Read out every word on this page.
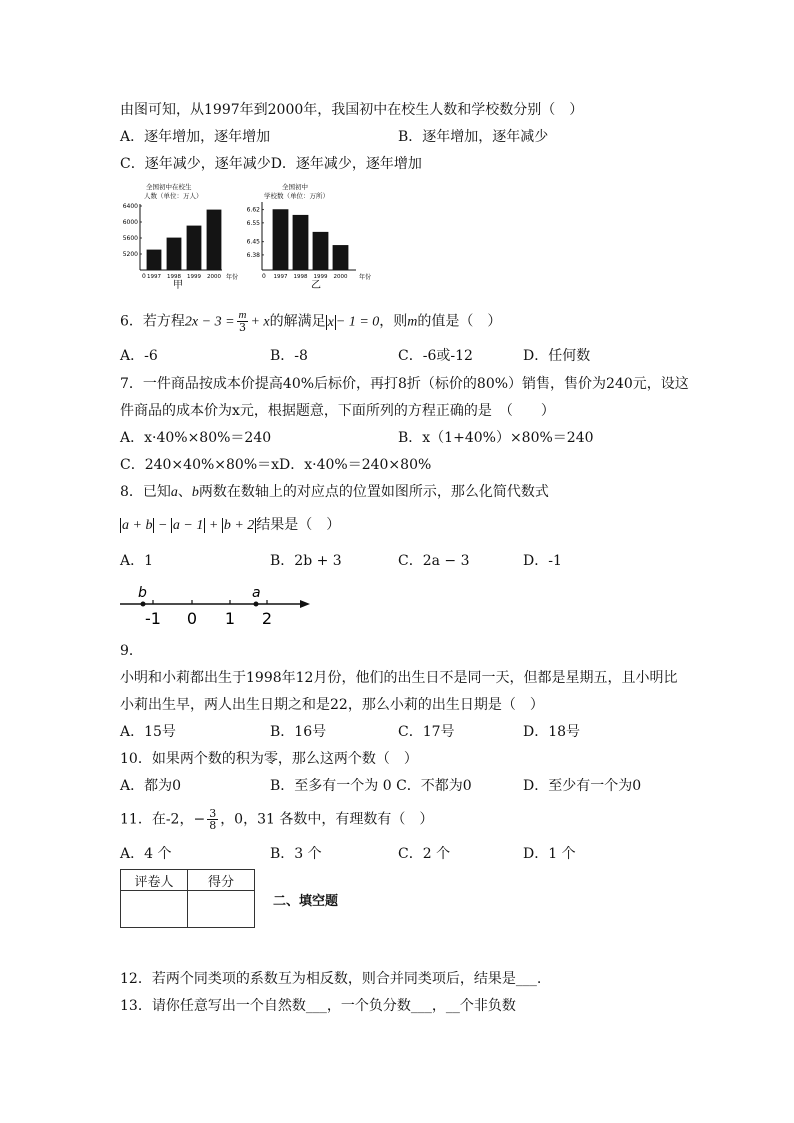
由图可知，从1997年到2000年，我国初中在校生人数和学校数分别（　）
A．逐年增加，逐年增加	B．逐年增加，逐年减少
C．逐年减少，逐年减少D．逐年减少，逐年增加
全国初中在校生
人数（单位：万人）
6400
6000
5600
5200
1997 1998 1999 2000
0	年份
甲
全国初中
学校数（单位：万所）
6.62
6.55
6.45
6.38
1997 1998 1999 2000
0	年份
乙
6．若方程$2x - 3 = \frac{m}{3} + x$的解满足 x − 1 = 0，则m的值是（　）
A．-6	B．-8	C．-6或-12	D．任何数
7．一件商品按成本价提高40%后标价，再打8折（标价的80%）销售，售价为240元，设这
件商品的成本价为x元，根据题意，下面所列的方程正确的是　（　　）
A．x·40%×80%＝240	B．x（1+40%）×80%＝240
C．240×40%×80%＝xD．x·40%＝240×80%
8．已知a、b两数在数轴上的对应点的位置如图所示，那么化简代数式
a + b − a − 1 + b + 2 结果是（　）
A．1	B．2b + 3	C．2a − 3	D．-1
b	a
-1 0 1 2
9．
小明和小莉都出生于1998年12月份，他们的出生日不是同一天，但都是星期五，且小明比
小莉出生早，两人出生日期之和是22，那么小莉的出生日期是（　）
A．15号	B．16号	C．17号	D．18号
10．如果两个数的积为零，那么这两个数（　）
A．都为0	B．至多有一个为 0 C．不都为0	D．至少有一个为0
11．在-2，− $\frac{3}{8}$ ，0，31 各数中，有理数有（　）
A．4 个	B．3 个	C．2 个	D．1 个
评卷人	得分

二、填空题
12．若两个同类项的系数互为相反数，则合并同类项后，结果是___.
13．请你任意写出一个自然数___，一个负分数___，__个非负数
